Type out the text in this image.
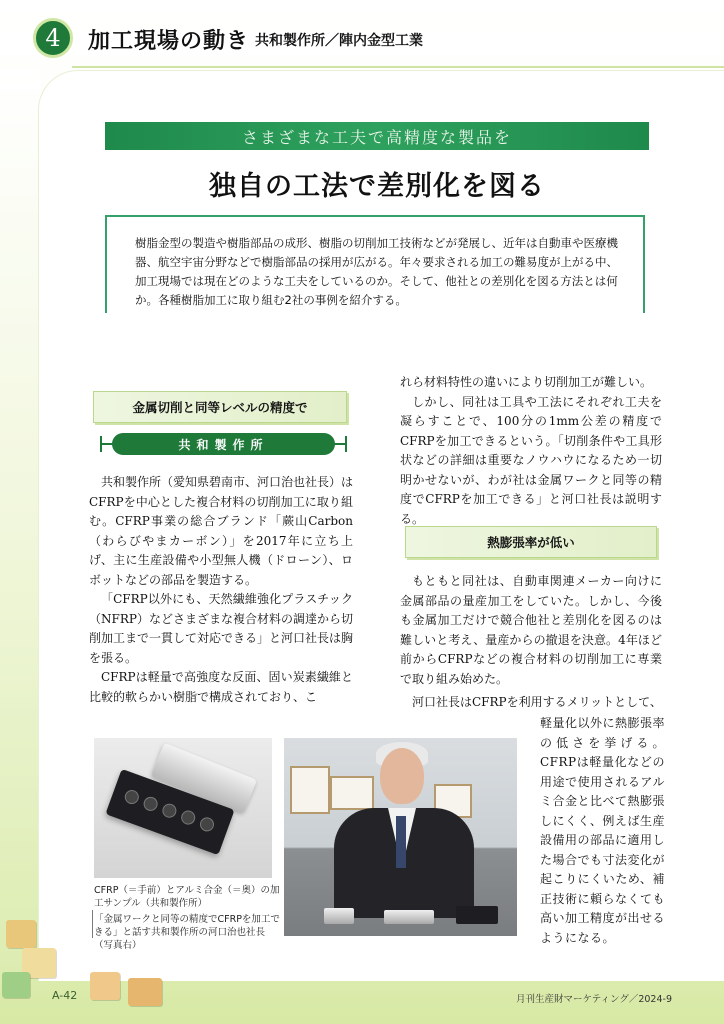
4	加工現場の動き 共和製作所／陣内金型工業
さまざまな工夫で高精度な製品を
独自の工法で差別化を図る
樹脂金型の製造や樹脂部品の成形、樹脂の切削加工技術などが発展し、近年は自動車や医療機器、航空宇宙分野などで樹脂部品の採用が広がる。年々要求される加工の難易度が上がる中、加工現場では現在どのような工夫をしているのか。そして、他社との差別化を図る方法とは何か。各種樹脂加工に取り組む2社の事例を紹介する。
金属切削と同等レベルの精度で
共和製作所

共和製作所（愛知県碧南市、河口治也社長）はCFRPを中心とした複合材料の切削加工に取り組む。CFRP事業の総合ブランド「蕨山Carbon（わらびやまカーボン）」を2017年に立ち上げ、主に生産設備や小型無人機（ドローン）、ロボットなどの部品を製造する。

「CFRP以外にも、天然繊維強化プラスチック（NFRP）などさまざまな複合材料の調達から切削加工まで一貫して対応できる」と河口社長は胸を張る。

CFRPは軽量で高強度な反面、固い炭素繊維と比較的軟らかい樹脂で構成されており、こ

れら材料特性の違いにより切削加工が難しい。

しかし、同社は工具や工法にそれぞれ工夫を凝らすことで、100分の1mm公差の精度でCFRPを加工できるという。「切削条件や工具形状などの詳細は重要なノウハウになるため一切明かせないが、わが社は金属ワークと同等の精度でCFRPを加工できる」と河口社長は説明する。

熱膨張率が低い

もともと同社は、自動車関連メーカー向けに金属部品の量産加工をしていた。しかし、今後も金属加工だけで競合他社と差別化を図るのは難しいと考え、量産からの撤退を決意。4年ほど前からCFRPなどの複合材料の切削加工に専業で取り組み始めた。

河口社長はCFRPを利用するメリットとして、

軽量化以外に熱膨張率の低さを挙げる。CFRPは軽量化などの用途で使用されるアルミ合金と比べて熱膨張しにくく、例えば生産設備用の部品に適用した場合でも寸法変化が起こりにくいため、補正技術に頼らなくても高い加工精度が出せるようになる。

CFRP（＝手前）とアルミ合金（＝奥）の加工サンプル（共和製作所）
「金属ワークと同等の精度でCFRPを加工できる」と話す共和製作所の河口治也社長（写真右）
A-42	月刊生産財マーケティング／2024-9
